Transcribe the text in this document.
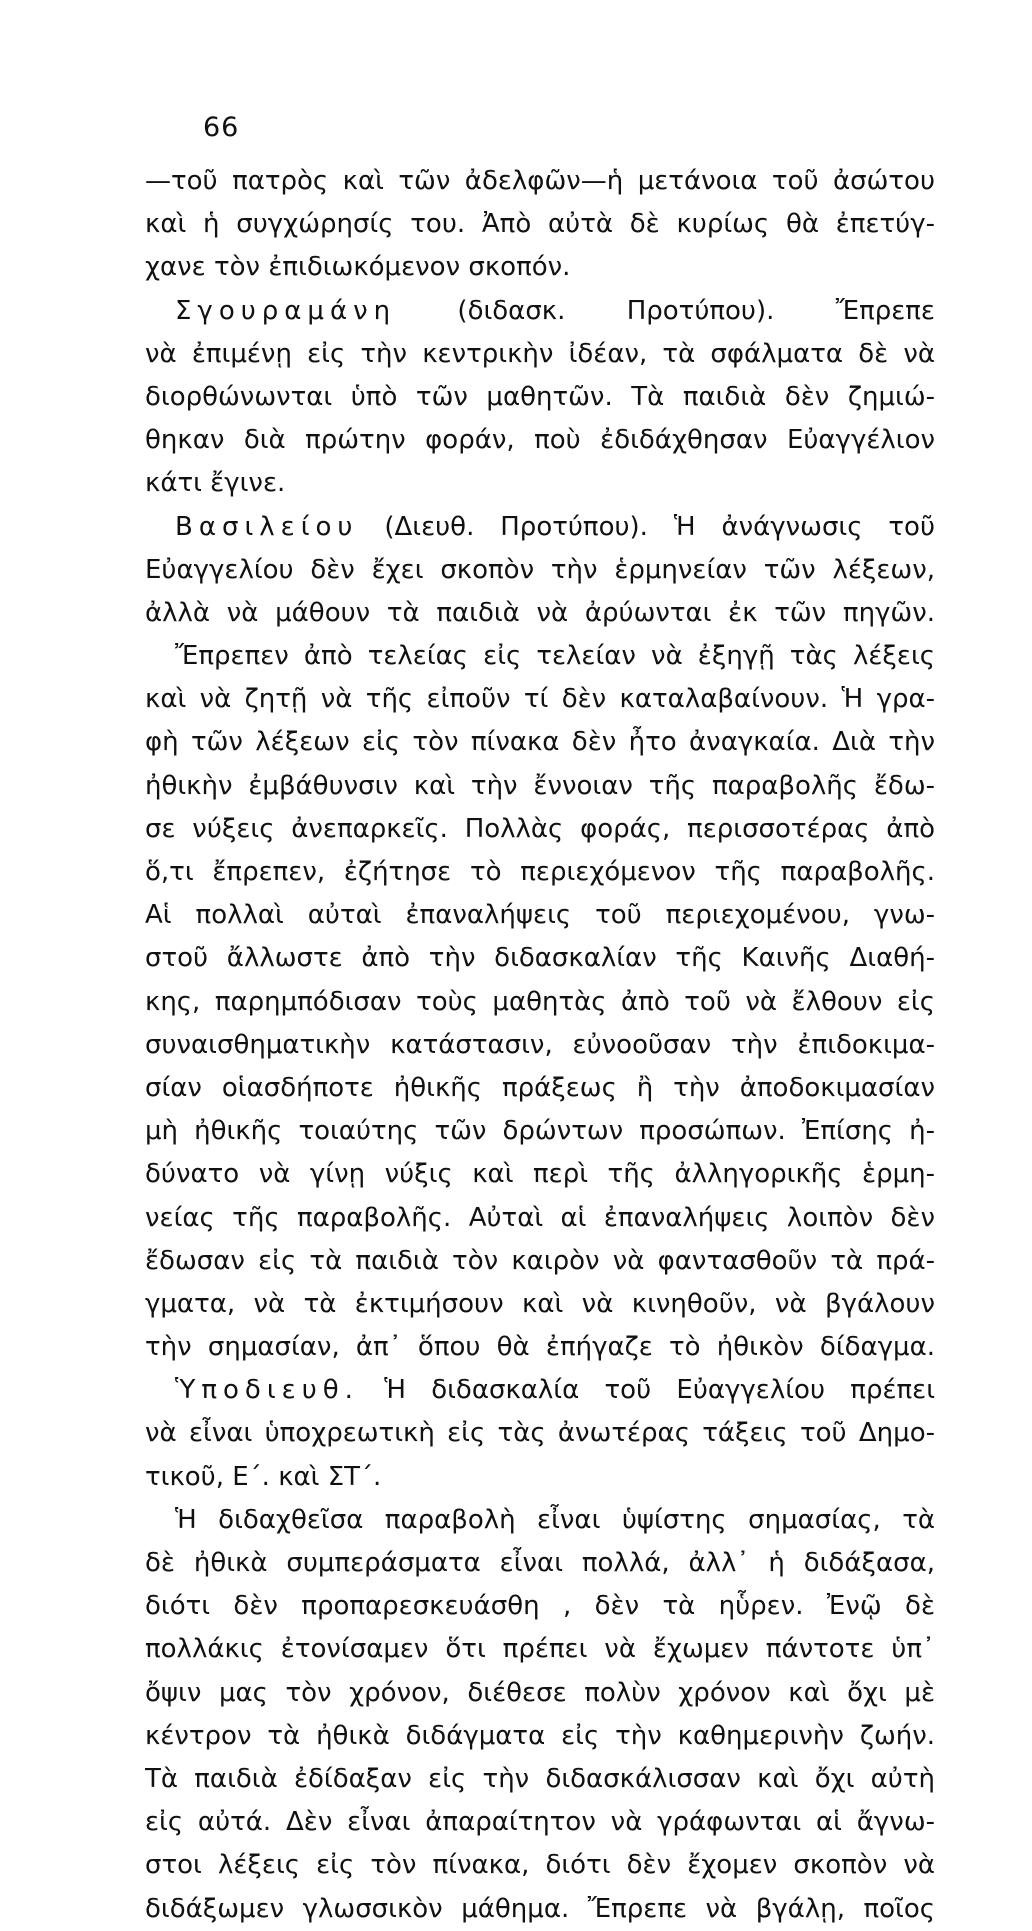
66
—τοῦ πατρὸς καὶ τῶν ἀδελφῶν—ἡ μετάνοια τοῦ ἀσώτου
καὶ ἡ συγχώρησίς του. Ἀπὸ αὐτὰ δὲ κυρίως θὰ ἐπετύγ-
χανε τὸν ἐπιδιωκόμενον σκοπόν.
Σγουραμάνη (διδασκ. Προτύπου). Ἔπρεπε
νὰ ἐπιμένῃ εἰς τὴν κεντρικὴν ἰδέαν, τὰ σφάλματα δὲ νὰ
διορθώνωνται ὑπὸ τῶν μαθητῶν. Τὰ παιδιὰ δὲν ζημιώ-
θηκαν διὰ πρώτην φοράν, ποὺ ἐδιδάχθησαν Εὐαγγέλιον
κάτι ἔγινε.
Βασιλείου (Διευθ. Προτύπου). Ἡ ἀνάγνωσις τοῦ
Εὐαγγελίου δὲν ἔχει σκοπὸν τὴν ἑρμηνείαν τῶν λέξεων,
ἀλλὰ νὰ μάθουν τὰ παιδιὰ νὰ ἀρύωνται ἐκ τῶν πηγῶν.
Ἔπρεπεν ἀπὸ τελείας εἰς τελείαν νὰ ἐξηγῇ τὰς λέξεις
καὶ νὰ ζητῇ νὰ τῆς εἰποῦν τί δὲν καταλαβαίνουν. Ἡ γρα-
φὴ τῶν λέξεων εἰς τὸν πίνακα δὲν ἦτο ἀναγκαία. Διὰ τὴν
ἠθικὴν ἐμβάθυνσιν καὶ τὴν ἔννοιαν τῆς παραβολῆς ἔδω-
σε νύξεις ἀνεπαρκεῖς. Πολλὰς φοράς, περισσοτέρας ἀπὸ
ὅ,τι ἔπρεπεν, ἐζήτησε τὸ περιεχόμενον τῆς παραβολῆς.
Αἱ πολλαὶ αὐταὶ ἐπαναλήψεις τοῦ περιεχομένου, γνω-
στοῦ ἄλλωστε ἀπὸ τὴν διδασκαλίαν τῆς Καινῆς Διαθή-
κης, παρημπόδισαν τοὺς μαθητὰς ἀπὸ τοῦ νὰ ἔλθουν εἰς
συναισθηματικὴν κατάστασιν, εὐνοοῦσαν τὴν ἐπιδοκιμα-
σίαν οἱασδήποτε ἠθικῆς πράξεως ἢ τὴν ἀποδοκιμασίαν
μὴ ἠθικῆς τοιαύτης τῶν δρώντων προσώπων. Ἐπίσης ἠ-
δύνατο νὰ γίνῃ νύξις καὶ περὶ τῆς ἀλληγορικῆς ἑρμη-
νείας τῆς παραβολῆς. Αὐταὶ αἱ ἐπαναλήψεις λοιπὸν δὲν
ἔδωσαν εἰς τὰ παιδιὰ τὸν καιρὸν νὰ φαντασθοῦν τὰ πρά-
γματα, νὰ τὰ ἐκτιμήσουν καὶ νὰ κινηθοῦν, νὰ βγάλουν
τὴν σημασίαν, ἀπ᾿ ὅπου θὰ ἐπήγαζε τὸ ἠθικὸν δίδαγμα.
Ὑποδιευθ. Ἡ διδασκαλία τοῦ Εὐαγγελίου πρέπει
νὰ εἶναι ὑποχρεωτικὴ εἰς τὰς ἀνωτέρας τάξεις τοῦ Δημο-
τικοῦ, Ε΄. καὶ ΣΤ΄.
Ἡ διδαχθεῖσα παραβολὴ εἶναι ὑψίστης σημασίας, τὰ
δὲ ἠθικὰ συμπεράσματα εἶναι πολλά, ἀλλ᾿ ἡ διδάξασα,
διότι δὲν προπαρεσκευάσθη , δὲν τὰ ηὗρεν. Ἐνῷ δὲ
πολλάκις ἐτονίσαμεν ὅτι πρέπει νὰ ἔχωμεν πάντοτε ὑπ᾿
ὄψιν μας τὸν χρόνον, διέθεσε πολὺν χρόνον καὶ ὄχι μὲ
κέντρον τὰ ἠθικὰ διδάγματα εἰς τὴν καθημερινὴν ζωήν.
Τὰ παιδιὰ ἐδίδαξαν εἰς τὴν διδασκάλισσαν καὶ ὄχι αὐτὴ
εἰς αὐτά. Δὲν εἶναι ἀπαραίτητον νὰ γράφωνται αἱ ἄγνω-
στοι λέξεις εἰς τὸν πίνακα, διότι δὲν ἔχομεν σκοπὸν νὰ
διδάξωμεν γλωσσικὸν μάθημα. Ἔπρεπε νὰ βγάλῃ, ποῖος
